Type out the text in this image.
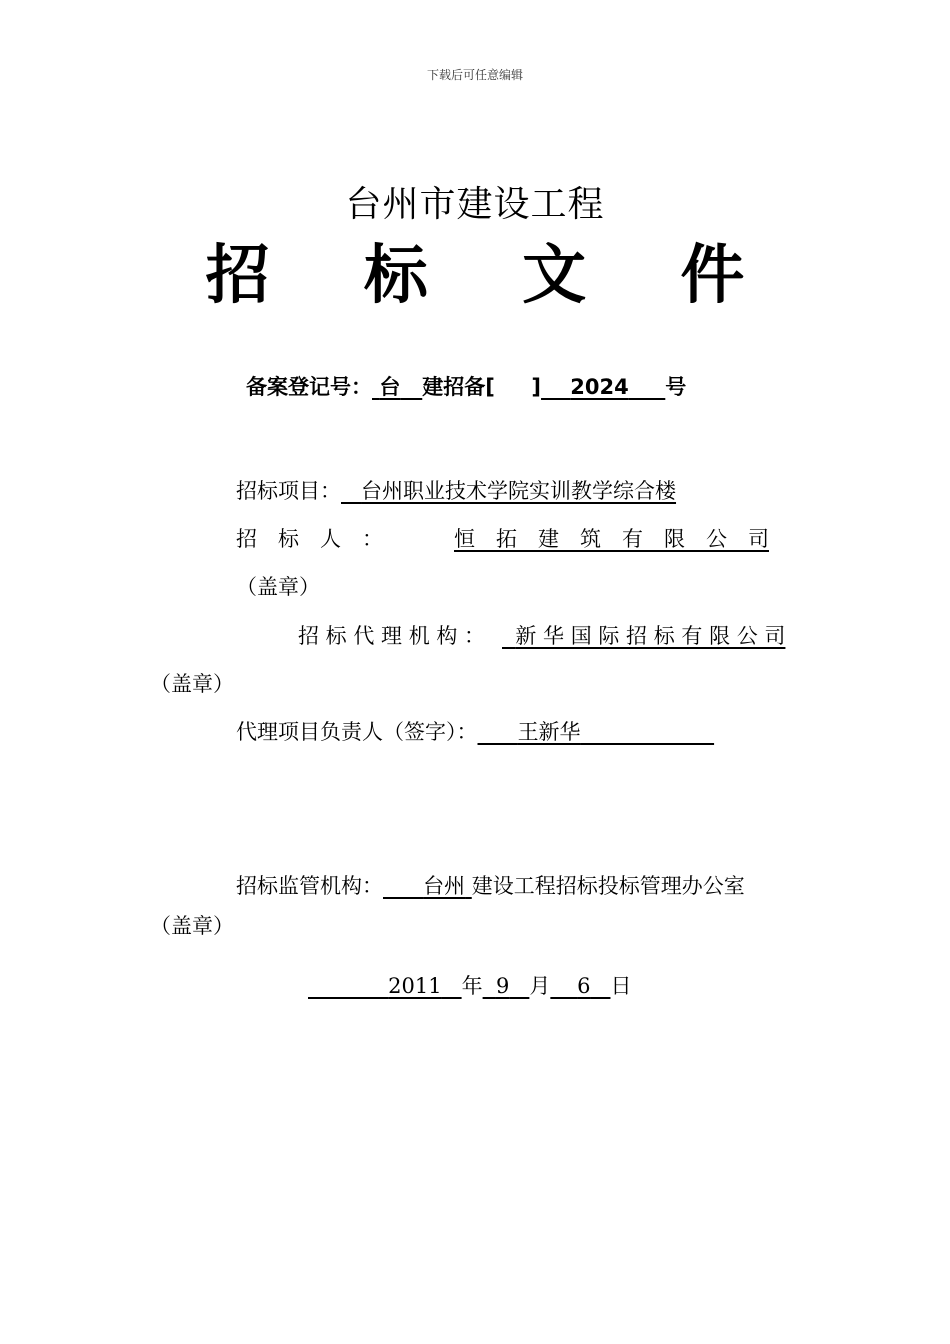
下载后可任意编辑
台州市建设工程
招 标 文 件
备案登记号： 台 建招备[ ] 2024 号
招标项目： 台州职业技术学院实训教学综合楼
招　标　人　：	恒　拓　建　筑　有　限　公　司
（盖章）
招 标 代 理 机 构 ：	新 华 国 际 招 标 有 限 公 司
（盖章）
代理项目负责人（签字）： 王新华
招标监管机构： 台州 建设工程招标投标管理办公室
（盖章）
2011 年 9 月 6 日
